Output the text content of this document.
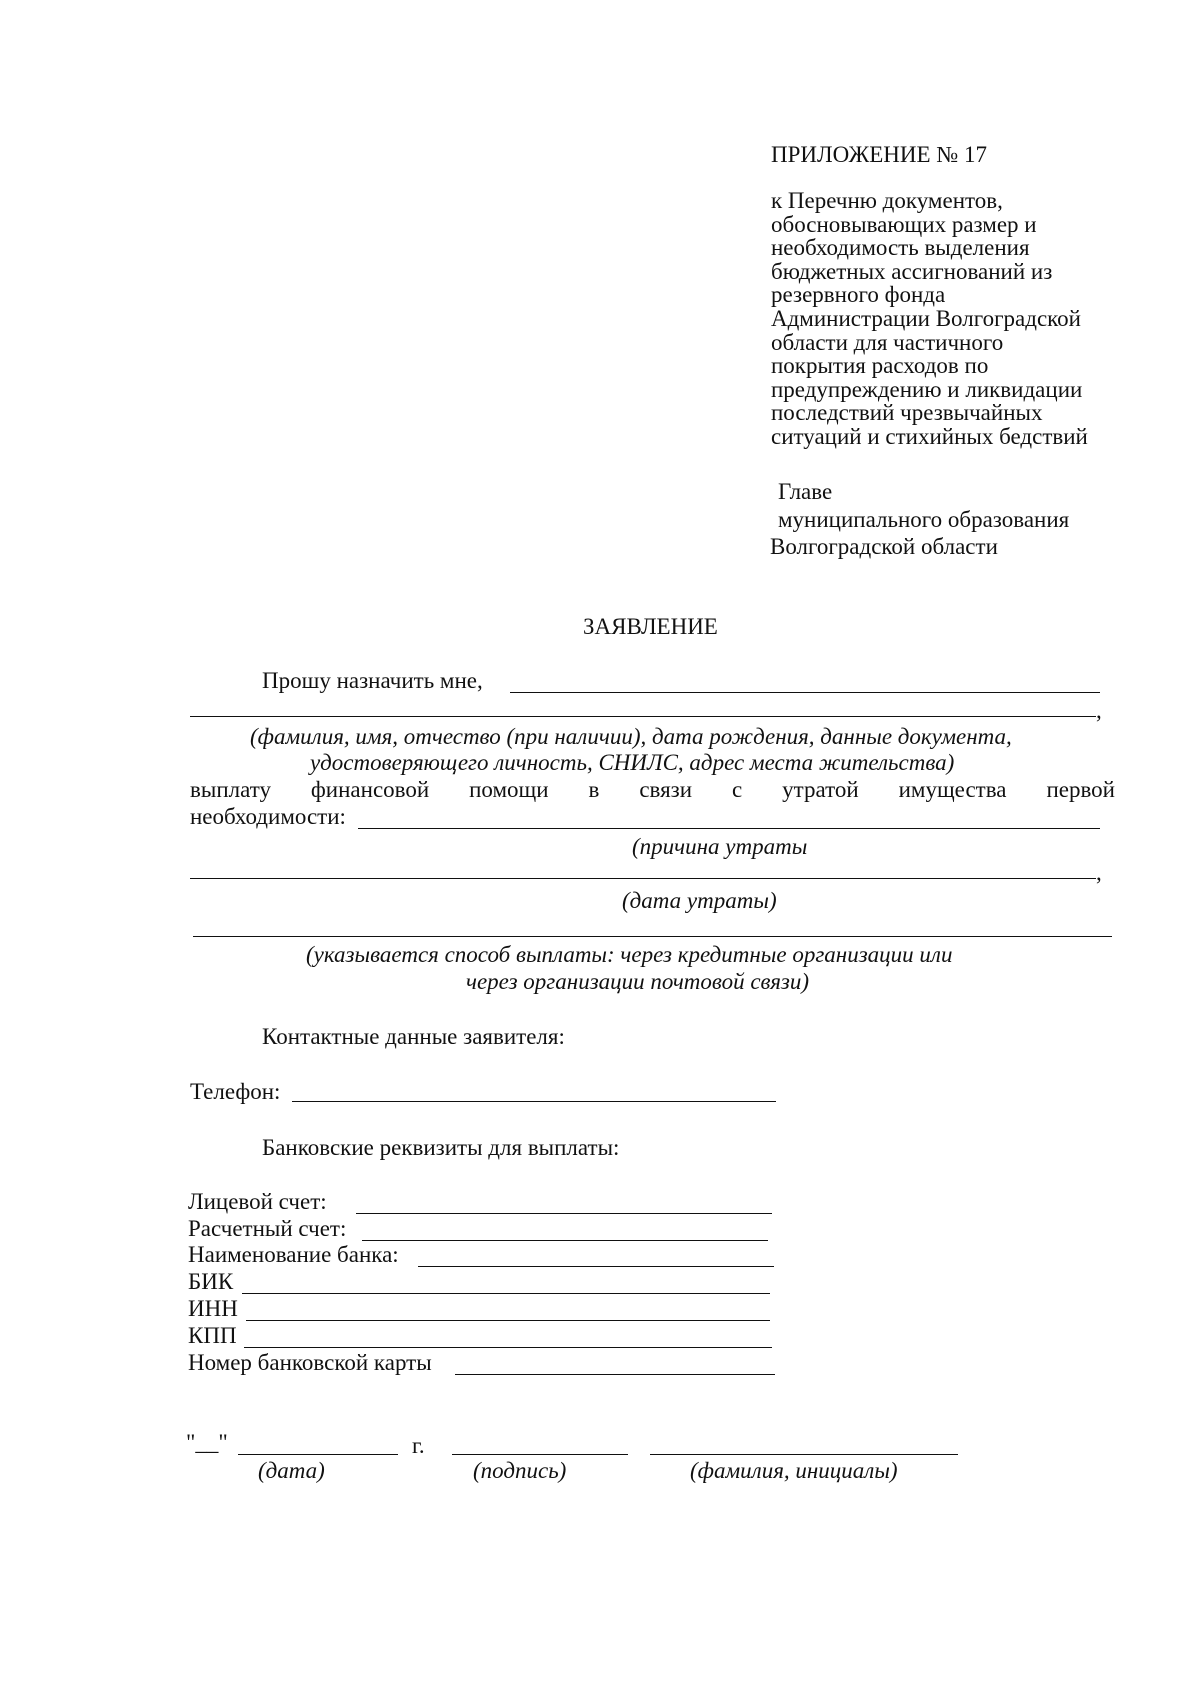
ПРИЛОЖЕНИЕ № 17
к Перечню документов,
обосновывающих размер и
необходимость выделения
бюджетных ассигнований из
резервного фонда
Администрации Волгоградской
области для частичного
покрытия расходов по
предупреждению и ликвидации
последствий чрезвычайных
ситуаций и стихийных бедствий
Главе
муниципального образования
Волгоградской области
ЗАЯВЛЕНИЕ
Прошу назначить мне,
,
(фамилия, имя, отчество (при наличии), дата рождения, данные документа,
удостоверяющего личность, СНИЛС, адрес места жительства)
выплату финансовой помощи в связи с утратой имущества первой
необходимости:
(причина утраты
,
(дата утраты)
(указывается способ выплаты: через кредитные организации или
через организации почтовой связи)
Контактные данные заявителя:
Телефон:
Банковские реквизиты для выплаты:
Лицевой счет:
Расчетный счет:
Наименование банка:
БИК
ИНН
КПП
Номер банковской карты
"__"	г.
(дата)	(подпись)	(фамилия, инициалы)
